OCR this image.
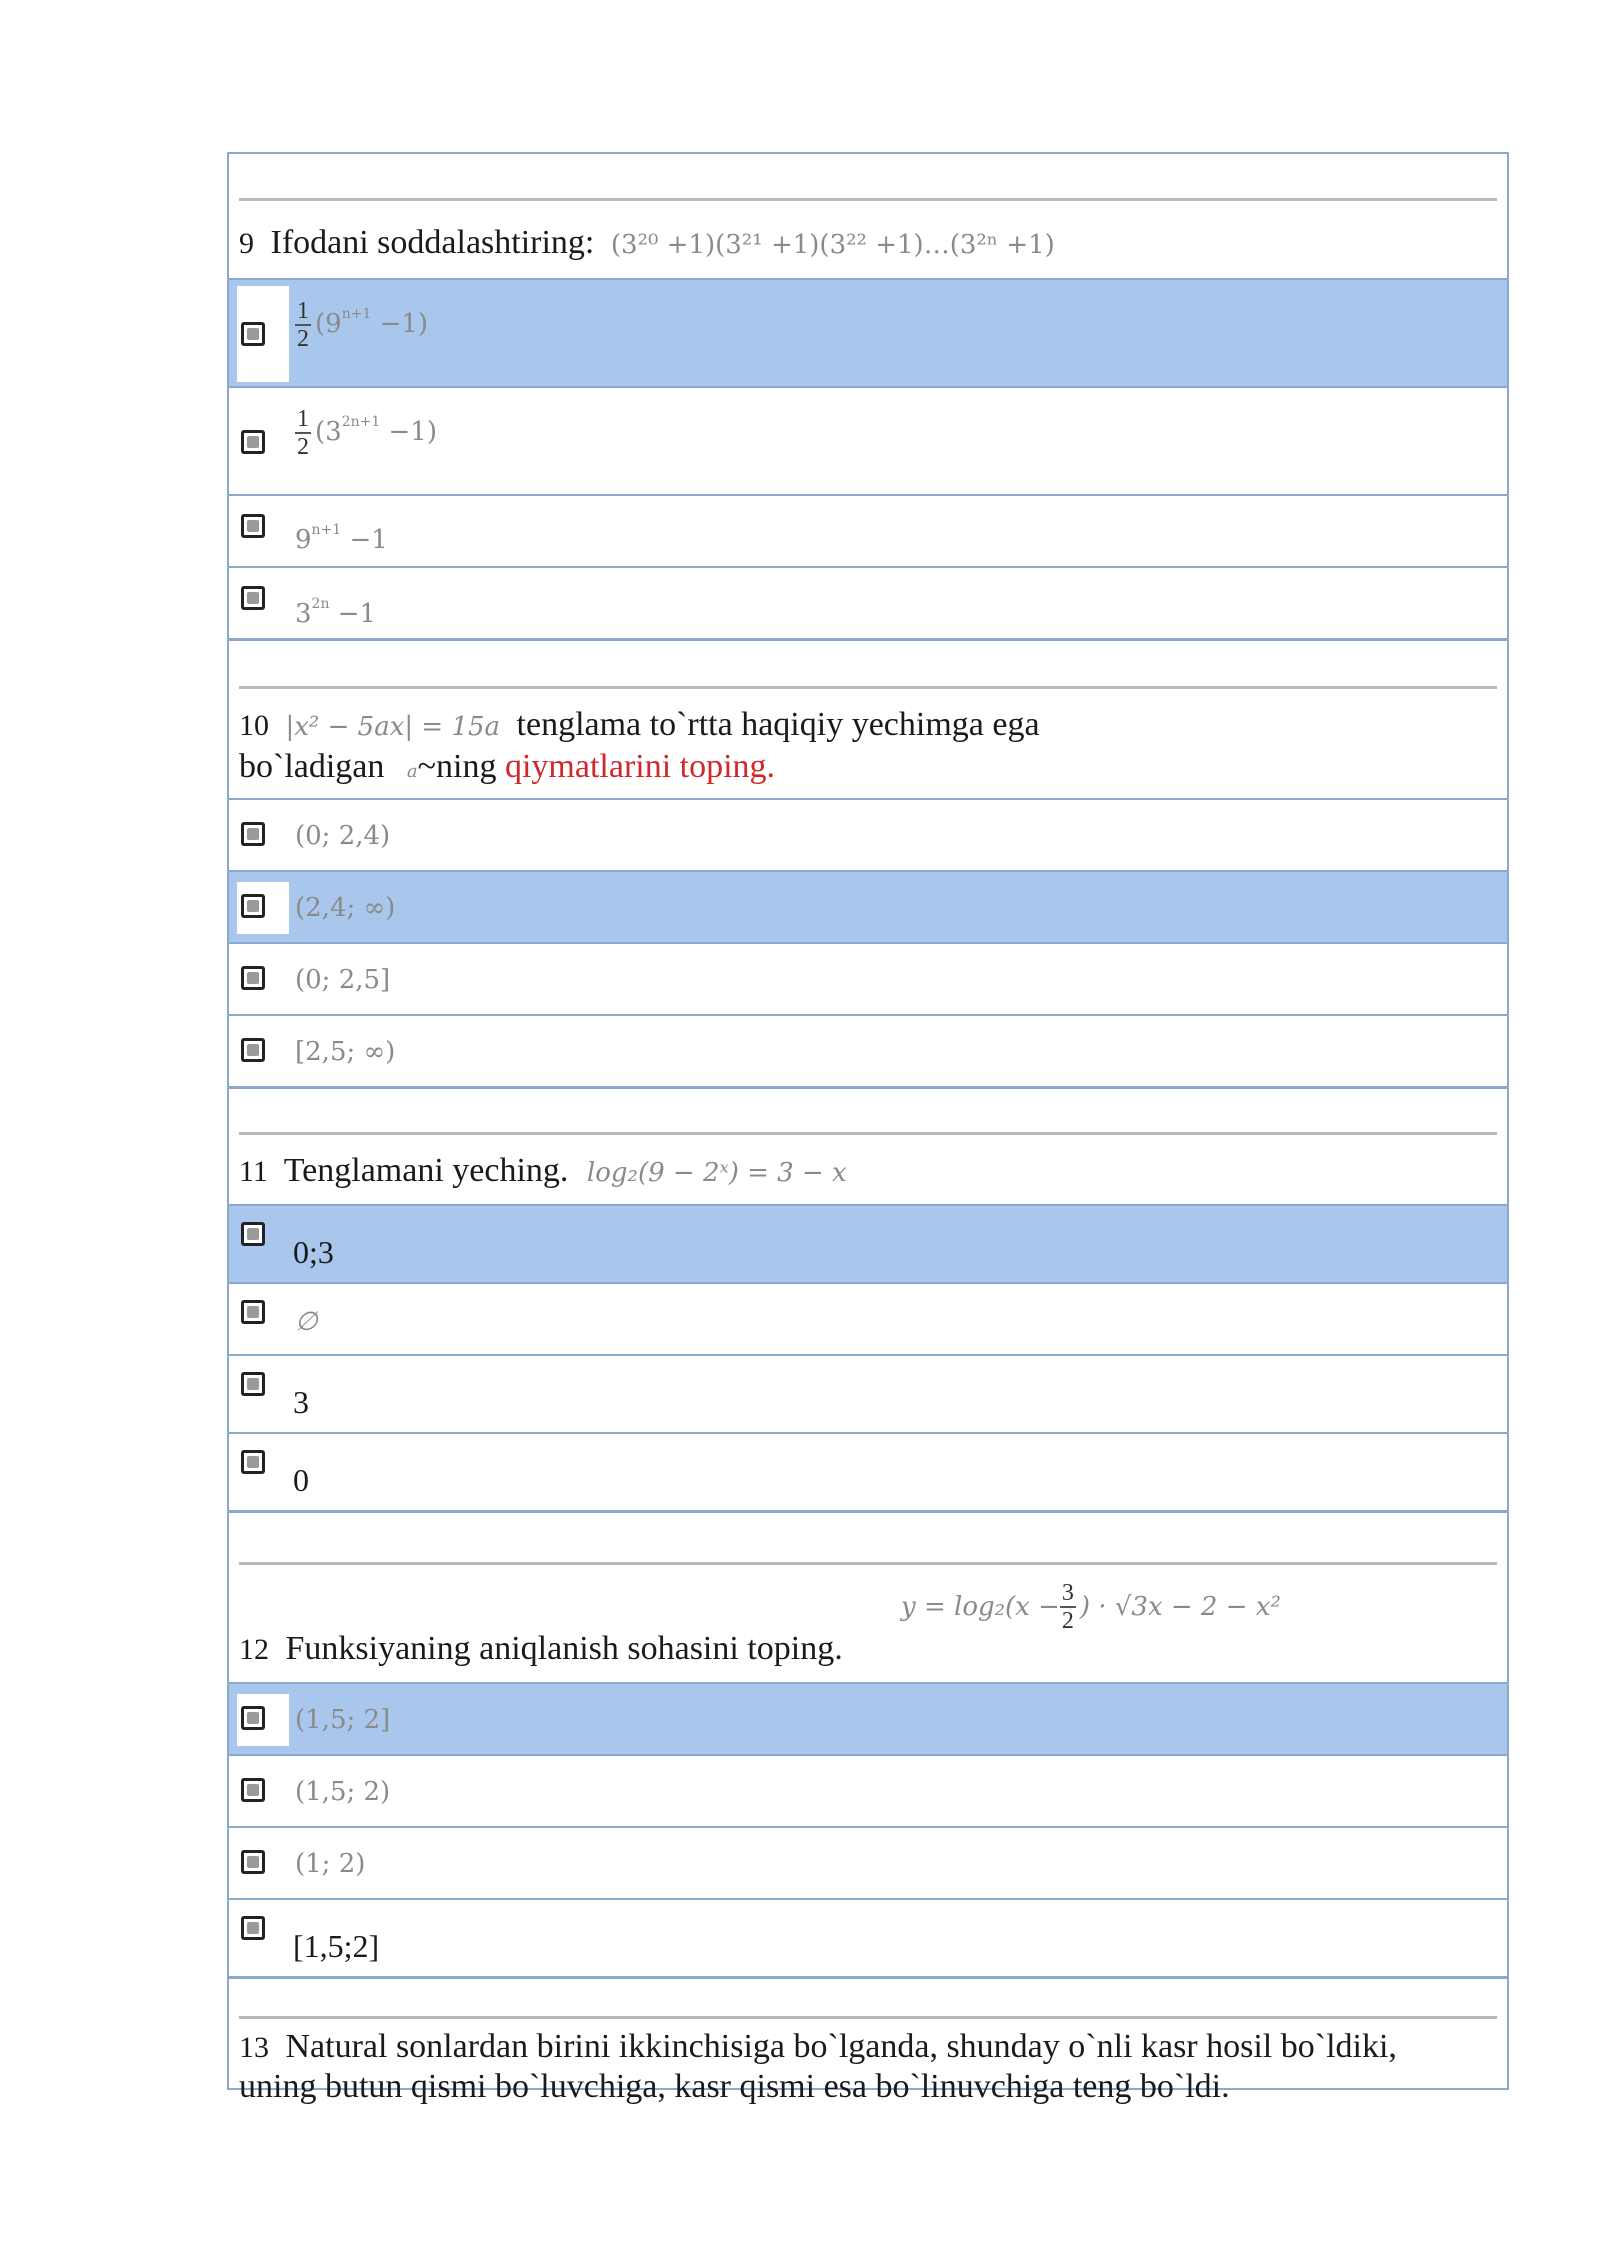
9 Ifodani soddalashtiring: (3²⁰ +1)(3²¹ +1)(3²² +1)…(3²ⁿ +1)
$\frac{1}{2} (9^{n+1} -1)$
$\frac{1}{2} (3^{2n+1} -1)$
$9^{n+1} -1$
$3^{2n} -1$
10 |x² − 5ax| = 15a tenglama to`rtta haqiqiy yechimga ega
bo`ladigan a~ning qiymatlarini toping.
(0; 2,4)
(2,4; ∞)
(0; 2,5]
[2,5; ∞)
11 Tenglamani yeching. log₂(9 − 2ˣ) = 3 − x
0;3
∅
3
0
12 Funksiyaning aniqlanish sohasini toping.
$y = \log_2(x - \frac{3}{2}$ ) · √3x − 2 − x²
(1,5; 2]
(1,5; 2)
(1; 2)
[1,5;2]
13 Natural sonlardan birini ikkinchisiga bo`lganda, shunday o`nli kasr hosil bo`ldiki,
uning butun qismi bo`luvchiga, kasr qismi esa bo`linuvchiga teng bo`ldi.
